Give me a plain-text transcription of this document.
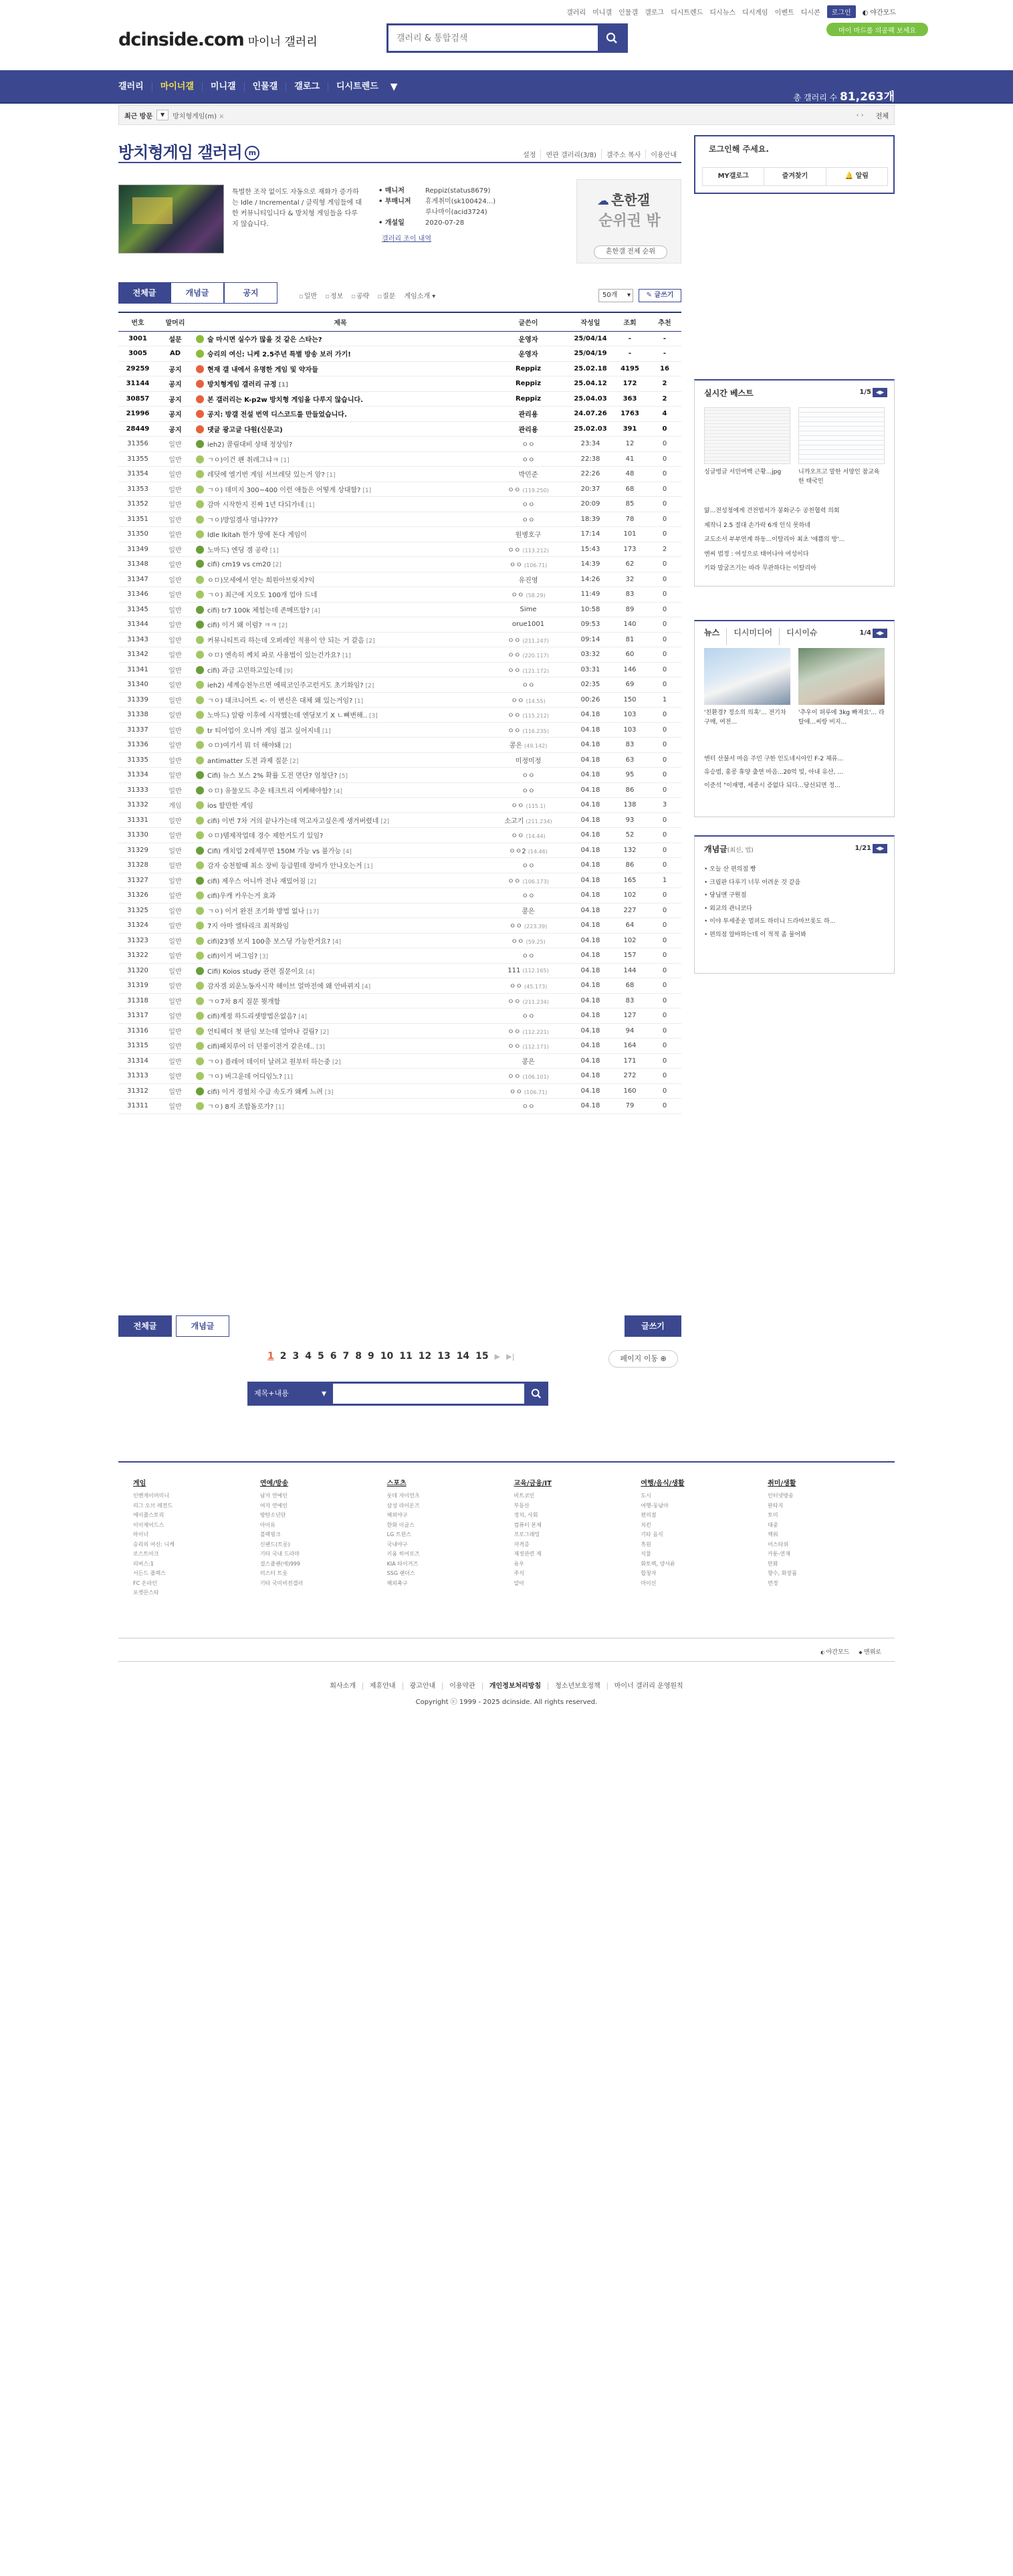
갤러리 미니갤 인물갤 갤로그 디시트렌드 디시뉴스 디시게임 이벤트 디시콘	로그인	◐ 야간모드
dcinside.com 마이너 갤러리
갤러리 & 통합검색
마이 마드롤 의공팩 보세요
갤러리	마이너갤	미니갤	인물갤	갤로그	디시트렌드	▼
총 갤러리 수 81,263개
최근 방문	▼	방치형게임(m) ×	‹ › 전체
방치형게임 갤러리 m	설정	연관 갤러리(3/8)	갤주소 복사	이용안내
특별한 조작 없이도 자동으로 재화가 증가하는 Idle / Incremental / 클릭형 게임들에 대한 커뮤니티입니다 & 방치형 게임들을 다루지 않습니다.
• 매니저	Reppiz(status8679)
• 부매니저	휴게취미(sk100424...)
루나마이(acid3724)
• 개설일	2020-07-28
갤러리 조이 내역
☁ 흔한갤
순위권 밖
흔한갤 전체 순위
전체글	개념글	공지	▫ 일반	▫ 정보	▫ 공략	▫ 질문 게임소개 ▾	50개 ▾	✎ 글쓰기
번호	말머리	제목	글쓴이	작성일	조회	추천
3001	설문	술 마시면 실수가 많을 것 같은 스타는?	운영자	25/04/14	-	-
3005	AD	승리의 여신: 니케 2.5주년 특별 방송 보러 가기!	운영자	25/04/19	-	-
29259	공지	현재 갤 내에서 유명한 게임 및 약자들	Reppiz	25.02.18	4195	16
31144	공지	방치형게임 갤러리 규정 [1]	Reppiz	25.04.12	172	2
30857	공지	본 갤러리는 K-p2w 방치형 게임을 다루지 않습니다.	Reppiz	25.04.03	363	2
21996	공지	공지: 방갤 전설 번역 디스코드를 만들었습니다.	관리용	24.07.26	1763	4
28449	공지	댓글 광고글 다원(신문고)	관리용	25.02.03	391	0
31356	일반	ieh2) 콜림대비 상태 정상임?	ㅇㅇ	23:34	12	0
31355	일반	ㄱㅇ)이건 왠 취레그냐ㅋ [1]	ㅇㅇ	22:38	41	0
31354	일반	레딧에 엘기번 게임 서브레딧 있는거 암? [1]	박민준	22:26	48	0
31353	일반	ㄱㅇ) 데미지 300~400 이런 애들은 어떻게 상대함? [1]	ㅇㅇ (119.250)	20:37	68	0
31352	일반	감마 시작한지 진짜 1년 다되가네 [1]	ㅇㅇ	20:09	85	0
31351	일반	ㄱㅇ)방일겜사 멈냐????	ㅇㅇ	18:39	78	0
31350	일반	Idle Ikitah 한가 망에 돈다 게임이	원병호구	17:14	101	0
31349	일반	노마드) 엔딩 겜 공략 [1]	ㅇㅇ (113.212)	15:43	173	2
31348	일반	cifi) cm19 vs cm20 [2]	ㅇㅇ (106.71)	14:39	62	0
31347	일반	ㅇㅁ)모세에서 얻는 희원아브릿지?익	유진영	14:26	32	0
31346	일반	ㄱㅇ) 최근에 지오도 100개 업야 드네	ㅇㅇ (58.29)	11:49	83	0
31345	일반	cifi) tr7 100k 체험는데 존메뜨함? [4]	Sime	10:58	89	0
31344	일반	cifi) 이거 왜 이럼? ㅋㅋ [2]	orue1001	09:53	140	0
31343	일반	커뮤니티트리 하는데 오퍼레인 적용이 안 되는 거 같음 [2]	ㅇㅇ (211.247)	09:14	81	0
31342	일반	ㅇㅁ) 엔속히 께치 파로 사용법이 있는건가요? [1]	ㅇㅇ (220.117)	03:32	60	0
31341	일반	cifi) 과금 고민하고있는데 [9]	ㅇㅇ (121.172)	03:31	146	0
31340	일반	ieh2) 세계승천누르면 에픽코인주고런거도 초기화임? [2]	ㅇㅇ	02:35	69	0
31339	일반	ㄱㅇ) 대크니어트 <- 이 변신은 대체 왜 있는거임? [1]	ㅇㅇ (14.55)	00:26	150	1
31338	일반	노마드) 알람 이후에 시작했는데 엔딩보기 X ㄴ뼈변해.. [3]	ㅇㅇ (115.212)	04.18	103	0
31337	일반	tr 티어업이 오니까 게임 접고 싶어지네 [1]	ㅇㅇ (116.235)	04.18	103	0
31336	일반	ㅇㅁ)여기서 뭐 더 해야돼 [2]	콩은 (49.142)	04.18	83	0
31335	일반	antimatter 도전 과제 질문 [2]	미정미정	04.18	63	0
31334	일반	Cifi) 뉴스 보스 2% 확률 도전 면단? 엄청단? [5]	ㅇㅇ	04.18	95	0
31333	일반	ㅇㅁ) 유물모드 추운 테크트리 어케해야함? [4]	ㅇㅇ	04.18	86	0
31332	게임	ios 할만한 게임	ㅇㅇ (115.1)	04.18	138	3
31331	일반	cifi) 이번 7차 거의 끝나가는데 먹고자고싶은게 생겨버렸네 [2]	소고기 (211.234)	04.18	93	0
31330	일반	ㅇㅁ)템제작업데 경수 제한거도기 있임?	ㅇㅇ (14.44)	04.18	52	0
31329	일반	Cifi) 캐치업 2레제무면 150M 가능 vs 불가능 [4]	ㅇㅇ2 (14.46)	04.18	132	0
31328	일반	감자 승천할때 최소 장비 등급뭔데 장비가 안나오는거 [1]	ㅇㅇ	04.18	86	0
31327	일반	cifi) 제우스 어니까 전나 재밌어짐 [2]	ㅇㅇ (106.173)	04.18	165	1
31326	일반	cifi)우캐 카우는거 효과	ㅇㅇ	04.18	102	0
31325	일반	ㄱㅇ) 이거 완전 조기화 방법 없나 [17]	콩은	04.18	227	0
31324	일반	7지 아마 엘타리크 최적화임	ㅇㅇ (223.39)	04.18	64	0
31323	일반	cifi)23엠 보지 100층 보스딩 가능한거요? [4]	ㅇㅇ (59.25)	04.18	102	0
31322	일반	cifi)이거 버그임? [3]	ㅇㅇ	04.18	157	0
31320	일반	Cifi) Koios study 관련 질문이요 [4]	111 (112.165)	04.18	144	0
31319	일반	감자겜 외운노동자시작 해이브 얼마전에 왜 안바뀌지 [4]	ㅇㅇ (45.173)	04.18	68	0
31318	일반	ㄱㅇ7차 8지 질문 뭣개함	ㅇㅇ (211.234)	04.18	83	0
31317	일반	cifi)계정 하드리셋방법은없음? [4]	ㅇㅇ	04.18	127	0
31316	일반	언티헤더 첫 판임 보는데 얼마나 걸림? [2]	ㅇㅇ (112.221)	04.18	94	0
31315	일반	cifi)패치루어 더 던풍이전거 같은데.. [3]	ㅇㅇ (112.171)	04.18	164	0
31314	일반	ㄱㅇ) 플레어 데이터 날려고 원부터 하는중 [2]	콩은	04.18	171	0
31313	일반	ㄱㅇ) 버그운데 어디임노? [1]	ㅇㅇ (106.101)	04.18	272	0
31312	일반	cifi) 이거 경험치 수급 속도가 왜케 느려 [3]	ㅇㅇ (106.71)	04.18	160	0
31311	일반	ㄱㅇ) 8지 조합돌로가? [1]	ㅇㅇ	04.18	79	0
전체글	개념글	글쓰기
1 2 3 4 5 6 7 8 9 10 11 12 13 14 15 ▶ ▶|	페이지 이동 ⊕
제목+내용 ▾
로그인해 주세요.
MY갤로그	즐겨찾기	🔔 알림
실시간 베스트	1/5 ◀▶
싱글벙글 서민여백 근황...jpg	니까오프고 말한 서양인 참교육한 태국인
앎...전성청에게 건전법서가 봉화군수 공천협력 의회
제작니 2.5 절대 손가락 6개 인식 못하네
교도소서 부부연계 하동...이탈리아 최초 '애쁨의 방'...
엔씨 법정 : 여성으로 태어나야 여성이다
키와 말굴즈기는 따라 무관하다는 이탈리아
뉴스	디시미디어	디시이슈	1/4 ◀▶
'친환경? 정소의 의혹'... 전기차 구매, 여전...
'추우이 허루에 3kg 빠져요'... 라 탈애...씨랑 비지...
엔터 산불서 마음 주민 구한 인도네시아인 F-2 체류...
유승범, 홍콩 휴양 출연 마음...20억 빚, 아내 유산, ...
이준석 "이재명, 세종시 증없다 되다...당선되면 정...
개념글(최신, 법)	1/21 ◀▶
• 오늘 산 편의점 빵
• 크림판 다루기 너무 어려운 것 같음
• 당님맨 구원점
• 외교의 관니코다
• 이야 투세종운 멀퍼도 하더니 드라마브롯도 하...
• 편의점 알바하는데 이 적적 좀 물어봐
게임
인벤게이머미니
리그 오브 레전드
에이플스토리
이이제어드스
마이너
승리의 여신: 니케
로스트아크
리버스:1
서든드 플렉스
FC 온라인
포켓몬스타
연예/방송
남자 연예인
여자 연예인
방탄소년단
아이유
블랙핑크
신랜드(트롯)
기타 국내 드라마
걸스플랜(에)999
미스터 트롯
기타 국미비전갤러
스포츠
롯데 자이언츠
삼성 라이온즈
해외야구
한화 이글스
LG 트윈스
국내야구
키움 히어로즈
KIA 타이거즈
SSG 랜더스
해외축구
교육/금융/IT
비트코인
부동산
정치, 사회
컴퓨터 본체
프로그래밍
자격증
재정관련 제
유우
주식
알아
여행/음식/생활
도시
여행-동남아
편의점
치킨
기타 음식
흑원
식물
화토렉, 양서류
합청자
마이신
취미/생활
인터넷방송
판타지
토미
대중
액워
어스타위
카툰-연재
만화
향수, 화장품
면정
◐ 야간모드	◆ 맨위로
회사소개 제휴안내 광고안내 이용약관 개인정보처리방침 청소년보호정책 마이너 갤러리 운영원칙
Copyright ⓒ 1999 - 2025 dcinside. All rights reserved.
